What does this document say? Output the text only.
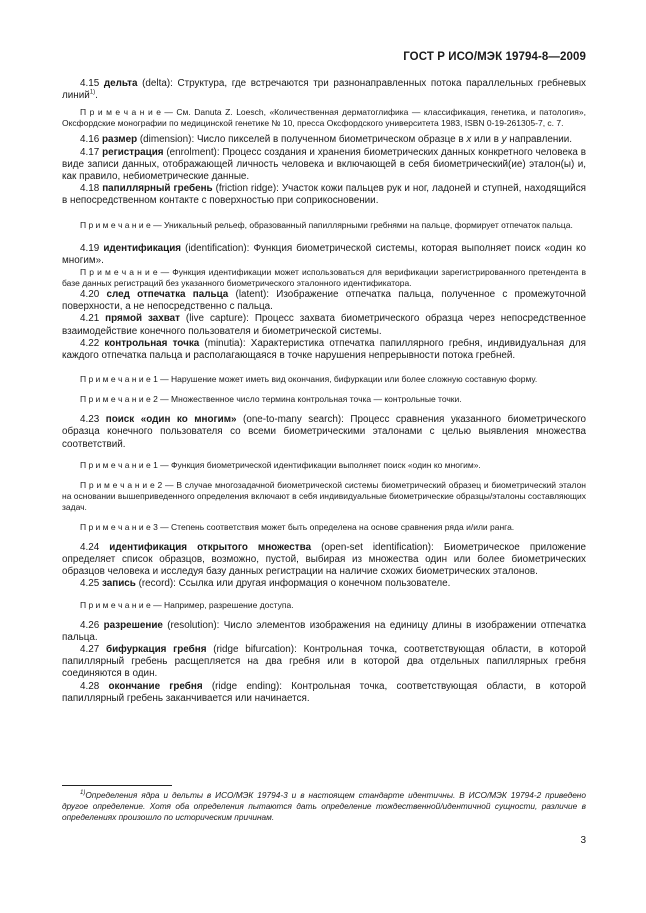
ГОСТ Р ИСО/МЭК 19794-8—2009

4.15 дельта (delta): Структура, где встречаются три разнонаправленных потока параллельных гребневых линий$^{1)}$.

П р и м е ч а н и е — См. Danuta Z. Loesch, «Количественная дерматоглифика — классификация, генетика, и патология», Оксфордские монографии по медицинской генетике № 10, пресса Оксфордского университета 1983, ISBN 0-19-261305-7, с. 7.

4.16 размер (dimension): Число пикселей в полученном биометрическом образце в x или в y направлении.

4.17 регистрация (enrolment): Процесс создания и хранения биометрических данных конкретного человека в виде записи данных, отображающей личность человека и включающей в себя биометрический(ие) эталон(ы) и, как правило, небиометрические данные.

4.18 папиллярный гребень (friction ridge): Участок кожи пальцев рук и ног, ладоней и ступней, находящийся в непосредственном контакте с поверхностью при соприкосновении.

П р и м е ч а н и е — Уникальный рельеф, образованный папиллярными гребнями на пальце, формирует отпечаток пальца.

4.19 идентификация (identification): Функция биометрической системы, которая выполняет поиск «один ко многим».

П р и м е ч а н и е — Функция идентификации может использоваться для верификации зарегистрированного претендента в базе данных регистраций без указанного биометрического эталонного идентификатора.

4.20 след отпечатка пальца (latent): Изображение отпечатка пальца, полученное с промежуточной поверхности, а не непосредственно с пальца.

4.21 прямой захват (live capture): Процесс захвата биометрического образца через непосредственное взаимодействие конечного пользователя и биометрической системы.

4.22 контрольная точка (minutia): Характеристика отпечатка папиллярного гребня, индивидуальная для каждого отпечатка пальца и располагающаяся в точке нарушения непрерывности потока гребней.

П р и м е ч а н и е 1 — Нарушение может иметь вид окончания, бифуркации или более сложную составную форму.

П р и м е ч а н и е 2 — Множественное число термина контрольная точка — контрольные точки.

4.23 поиск «один ко многим» (one-to-many search): Процесс сравнения указанного биометрического образца конечного пользователя со всеми биометрическими эталонами с целью выявления множества соответствий.

П р и м е ч а н и е 1 — Функция биометрической идентификации выполняет поиск «один ко многим».

П р и м е ч а н и е 2 — В случае многозадачной биометрической системы биометрический образец и биометрический эталон на основании вышеприведенного определения включают в себя индивидуальные биометрические образцы/эталоны составляющих задач.

П р и м е ч а н и е 3 — Степень соответствия может быть определена на основе сравнения ряда и/или ранга.

4.24 идентификация открытого множества (open-set identification): Биометрическое приложение определяет список образцов, возможно, пустой, выбирая из множества один или более биометрических образцов человека и исследуя базу данных регистрации на наличие схожих биометрических эталонов.

4.25 запись (record): Ссылка или другая информация о конечном пользователе.

П р и м е ч а н и е — Например, разрешение доступа.

4.26 разрешение (resolution): Число элементов изображения на единицу длины в изображении отпечатка пальца.

4.27 бифуркация гребня (ridge bifurcation): Контрольная точка, соответствующая области, в которой папиллярный гребень расщепляется на два гребня или в которой два отдельных папиллярных гребня соединяются в один.

4.28 окончание гребня (ridge ending): Контрольная точка, соответствующая области, в которой папиллярный гребень заканчивается или начинается.

$^{1)}$Определения ядра и дельты в ИСО/МЭК 19794-3 и в настоящем стандарте идентичны. В ИСО/МЭК 19794-2 приведено другое определение. Хотя оба определения пытаются дать определение тождественной/идентичной сущности, различие в определениях произошло по историческим причинам.

3
